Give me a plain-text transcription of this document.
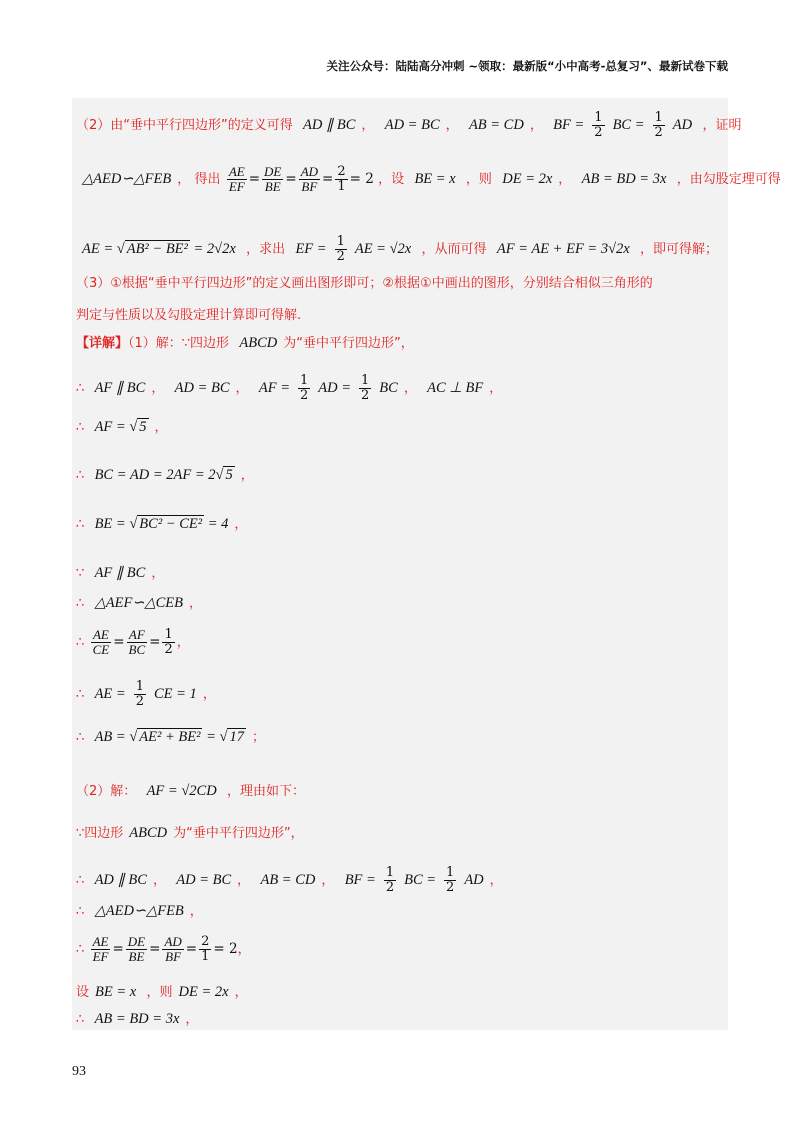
关注公众号：陆陆高分冲刺 ~领取：最新版“小中高考-总复习”、最新试卷下载
（2）由“垂中平行四边形”的定义可得 AD ∥ BC ， AD = BC ， AB = CD ， BF = $\frac{1}{2}$ BC = $\frac{1}{2}$ AD ，证明
△AED∽△FEB ， 得出 $\frac{AE}{EF} = \frac{DE}{BE} = \frac{AD}{BF} = \frac{2}{1} = 2$ ，设 BE = x ，则 DE = 2x ， AB = BD = 3x ，由勾股定理可得
AE = √ AB² − BE² = 2√2x ，求出 EF = $\frac{1}{2}$ AE = √2x ，从而可得 AF = AE + EF = 3√2x ，即可得解；
（3）①根据“垂中平行四边形”的定义画出图形即可；②根据①中画出的图形，分别结合相似三角形的
判定与性质以及勾股定理计算即可得解.
【详解】（1）解：∵四边形 ABCD 为“垂中平行四边形”，
∴ AF ∥ BC ， AD = BC ， AF = $\frac{1}{2}$ AD = $\frac{1}{2}$ BC ， AC ⊥ BF ，
∴ AF = √ 5 ，
∴ BC = AD = 2AF = 2√ 5 ，
∴ BE = √ BC² − CE² = 4 ，
∵ AF ∥ BC ，
∴ △AEF∽△CEB ，
∴ $\frac{AE}{CE} = \frac{AF}{BC} = \frac{1}{2}$ ，
∴ AE = $\frac{1}{2}$ CE = 1 ，
∴ AB = √ AE² + BE² = √ 17 ；
（2）解： AF = √2CD ，理由如下：
∵四边形 ABCD 为“垂中平行四边形”，
∴ AD ∥ BC ， AD = BC ， AB = CD ， BF = $\frac{1}{2}$ BC = $\frac{1}{2}$ AD ，
∴ △AED∽△FEB ，
∴ $\frac{AE}{EF} = \frac{DE}{BE} = \frac{AD}{BF} = \frac{2}{1} = 2$，
设 BE = x ，则 DE = 2x ，
∴ AB = BD = 3x ，
93
